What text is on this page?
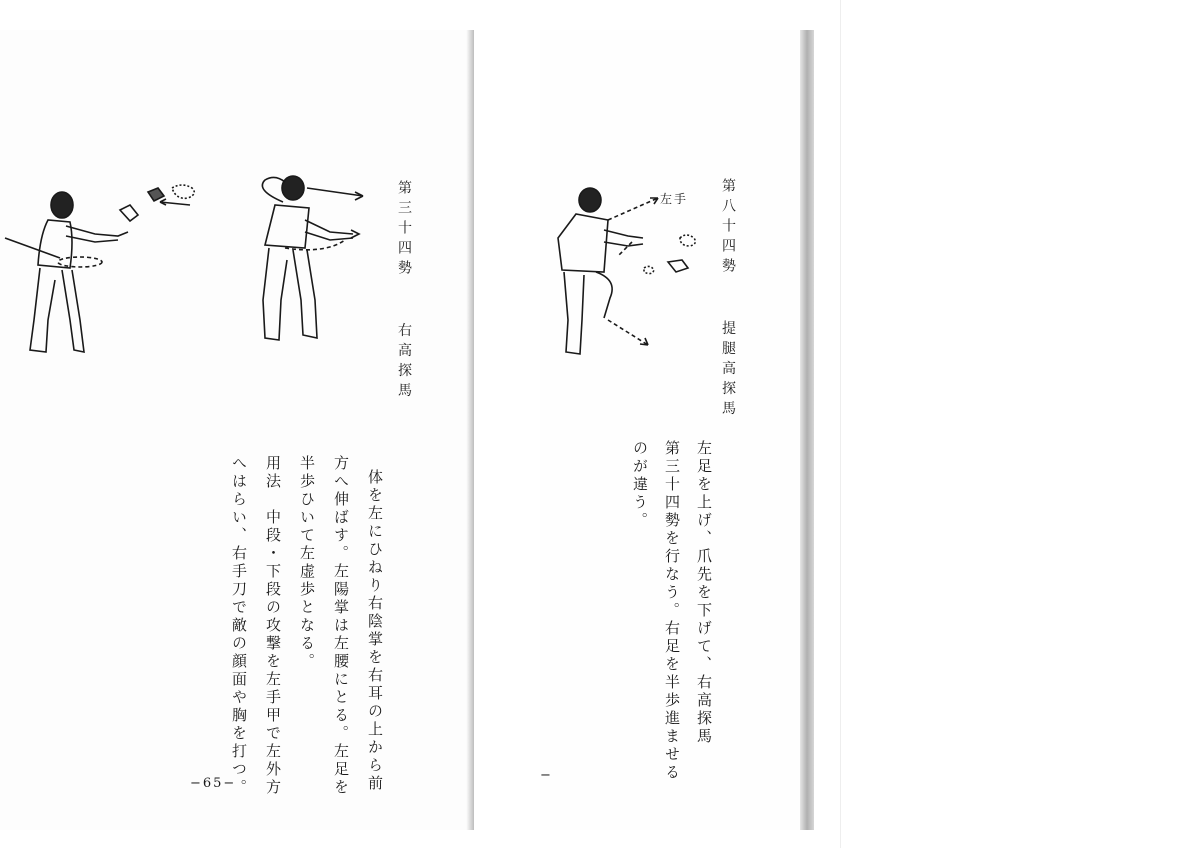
第三十四勢  右高探馬
体を左にひねり右陰掌を右耳の上から前
方へ伸ばす。左陽掌は左腰にとる。左足を
半歩ひいて左虚歩となる。
用法　中段・下段の攻撃を左手甲で左外方
へはらい、右手刀で敵の顔面や胸を打つ。
−65−
左手 第八十四勢  提腿高探馬
左足を上げ、爪先を下げて、右高探馬
第三十四勢を行なう。右足を半歩進ませる
のが違う。
−
